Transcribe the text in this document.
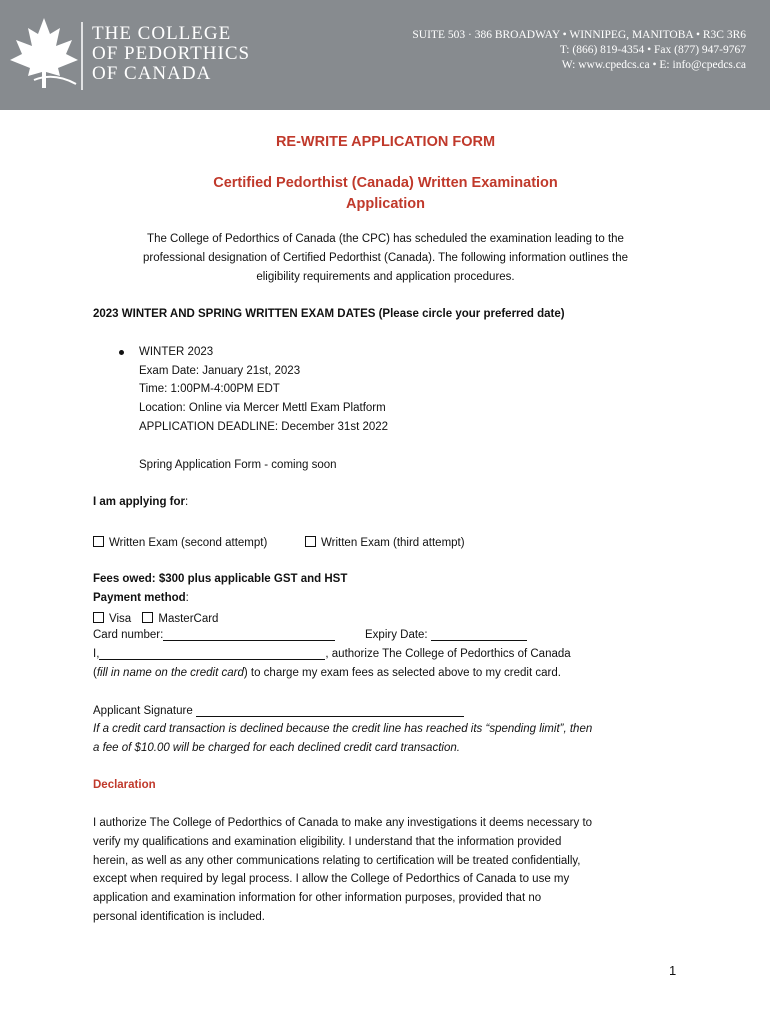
THE COLLEGE
OF PEDORTHICS
OF CANADA
SUITE 503 · 386 BROADWAY • WINNIPEG, MANITOBA • R3C 3R6
T: (866) 819-4354 • Fax (877) 947-9767
W: www.cpedcs.ca • E: info@cpedcs.ca
RE-WRITE APPLICATION FORM
Certified Pedorthist (Canada) Written Examination
Application
The College of Pedorthics of Canada (the CPC) has scheduled the examination leading to the
professional designation of Certified Pedorthist (Canada). The following information outlines the
eligibility requirements and application procedures.
2023 WINTER AND SPRING WRITTEN EXAM DATES (Please circle your preferred date)
WINTER 2023
Exam Date: January 21st, 2023
Time: 1:00PM-4:00PM EDT
Location: Online via Mercer Mettl Exam Platform
APPLICATION DEADLINE: December 31st 2022
Spring Application Form - coming soon
I am applying for:
Written Exam (second attempt)	Written Exam (third attempt)
Fees owed: $300 plus applicable GST and HST
Payment method:
Visa MasterCard
Card number:	Expiry Date:
I,	, authorize The College of Pedorthics of Canada
(fill in name on the credit card) to charge my exam fees as selected above to my credit card.
Applicant Signature
If a credit card transaction is declined because the credit line has reached its “spending limit”, then
a fee of $10.00 will be charged for each declined credit card transaction.
Declaration
I authorize The College of Pedorthics of Canada to make any investigations it deems necessary to
verify my qualifications and examination eligibility. I understand that the information provided
herein, as well as any other communications relating to certification will be treated confidentially,
except when required by legal process. I allow the College of Pedorthics of Canada to use my
application and examination information for other information purposes, provided that no
personal identification is included.
1
